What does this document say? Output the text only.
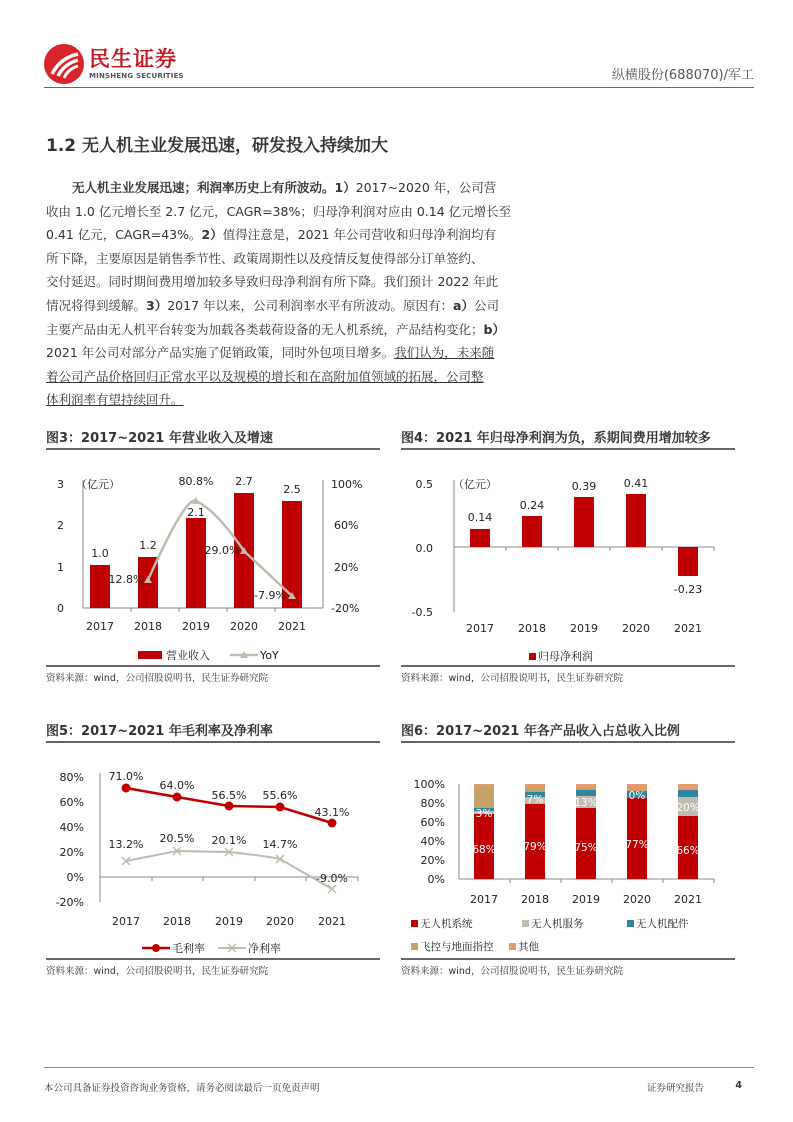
民生证券
MINSHENG SECURITIES	纵横股份(688070)/军工
1.2 无人机主业发展迅速，研发投入持续加大
无人机主业发展迅速；利润率历史上有所波动。1）2017~2020 年，公司营
收由 1.0 亿元增长至 2.7 亿元，CAGR=38%；归母净利润对应由 0.14 亿元增长至
0.41 亿元，CAGR=43%。2）值得注意是，2021 年公司营收和归母净利润均有
所下降，主要原因是销售季节性、政策周期性以及疫情反复使得部分订单签约、
交付延迟。同时期间费用增加较多导致归母净利润有所下降。我们预计 2022 年此
情况将得到缓解。3）2017 年以来，公司利润率水平有所波动。原因有：a）公司
主要产品由无人机平台转变为加载各类载荷设备的无人机系统，产品结构变化；b）
2021 年公司对部分产品实施了促销政策，同时外包项目增多。我们认为，未来随
着公司产品价格回归正常水平以及规模的增长和在高附加值领域的拓展，公司整
体利润率有望持续回升。
图3：2017~2021 年营业收入及增速
3
2
1
0
（亿元）	100%
60%
20%
-20%
1.0
1.2
2.1
2.7
2.5
12.8%
80.8%
29.0%
-7.9%
2017 2018 2019 2020 2021
营业收入	YoY
资料来源：wind，公司招股说明书，民生证券研究院
图4：2021 年归母净利润为负，系期间费用增加较多
0.5
0.0
-0.5
（亿元）
0.14
0.24
0.39	0.41
-0.23
2017 2018 2019 2020 2021
归母净利润
资料来源：wind，公司招股说明书，民生证券研究院
图5：2017~2021 年毛利率及净利率
80%
60%
40%
20%
0%
-20%
71.0%
64.0%
56.5% 55.6%
43.1%
13.2% 20.5% 20.1% 14.7%
-9.0%
2017 2018 2019 2020 2021
毛利率	净利率
资料来源：wind，公司招股说明书，民生证券研究院
图6：2017~2021 年各产品收入占总收入比例
100%
80%
60%
40%
20%
0%
68%	79%	75%	77%	66%
3%
7%	13%
0%
20%
2017 2018 2019 2020 2021
无人机系统	无人机服务	无人机配件
飞控与地面指控 其他
资料来源：wind，公司招股说明书，民生证券研究院
本公司具备证券投资咨询业务资格，请务必阅读最后一页免责声明	证券研究报告	4
